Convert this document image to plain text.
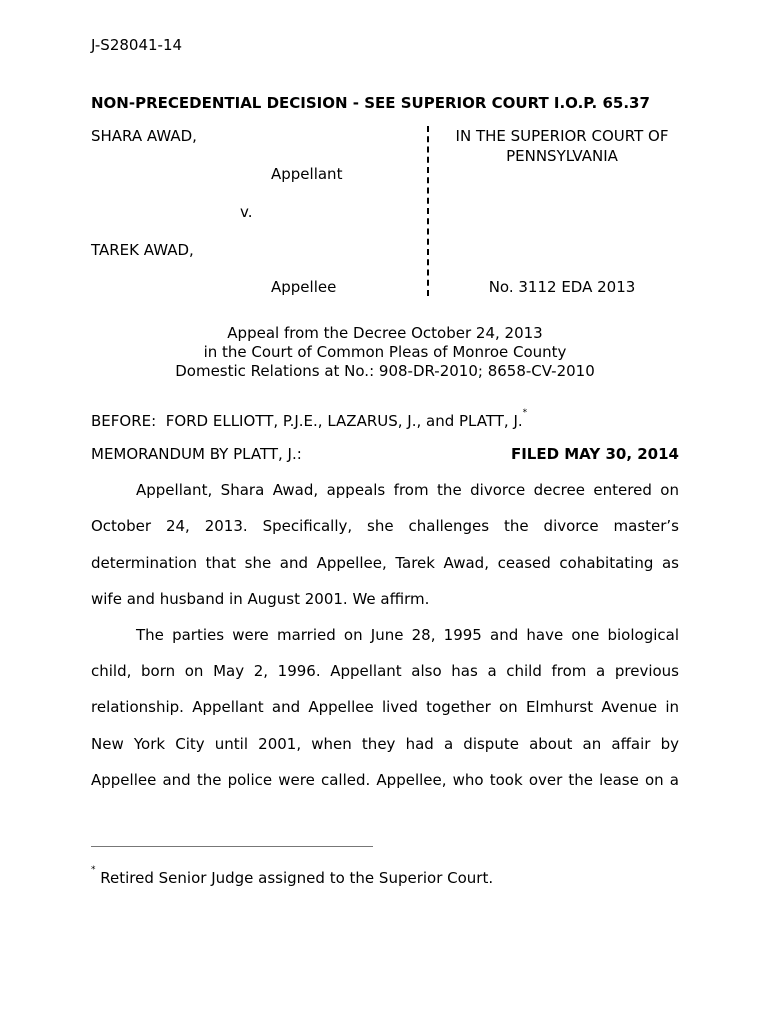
J-S28041-14
NON-PRECEDENTIAL DECISION - SEE SUPERIOR COURT I.O.P. 65.37
SHARA AWAD,
Appellant
v.
TAREK AWAD,
Appellee
IN THE SUPERIOR COURT OF
PENNSYLVANIA
No. 3112 EDA 2013
Appeal from the Decree October 24, 2013
in the Court of Common Pleas of Monroe County
Domestic Relations at No.: 908-DR-2010; 8658-CV-2010
BEFORE:  FORD ELLIOTT, P.J.E., LAZARUS, J., and PLATT, J.*
MEMORANDUM BY PLATT, J.:	FILED MAY 30, 2014
Appellant, Shara Awad, appeals from the divorce decree entered on
October 24, 2013. Specifically, she challenges the divorce master’s
determination that she and Appellee, Tarek Awad, ceased cohabitating as
wife and husband in August 2001. We affirm.
The parties were married on June 28, 1995 and have one biological
child, born on May 2, 1996. Appellant also has a child from a previous
relationship. Appellant and Appellee lived together on Elmhurst Avenue in
New York City until 2001, when they had a dispute about an affair by
Appellee and the police were called. Appellee, who took over the lease on a
* Retired Senior Judge assigned to the Superior Court.
